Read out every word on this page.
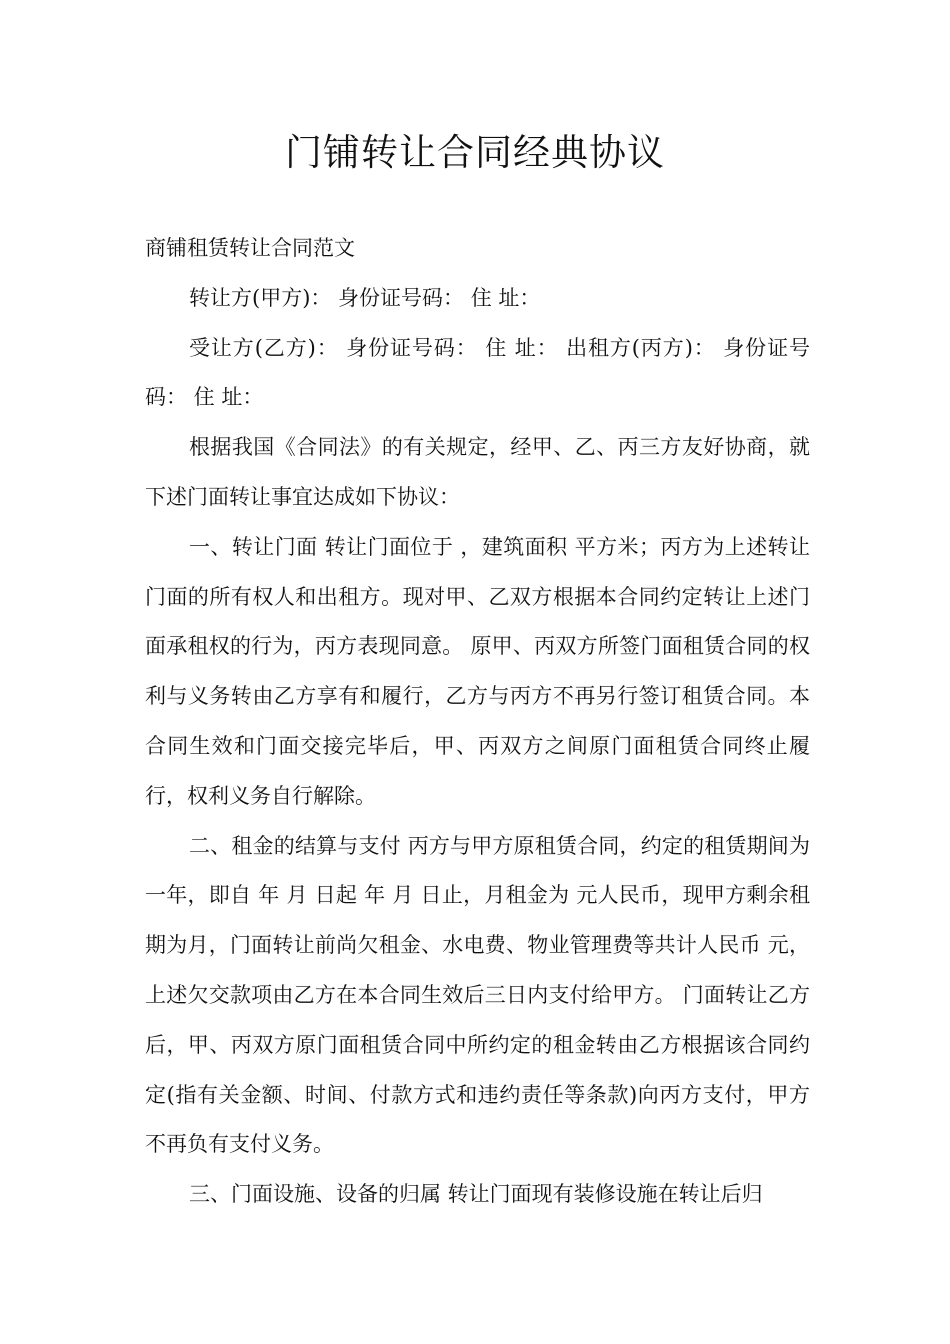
门铺转让合同经典协议

商铺租赁转让合同范文

转让方(甲方)： 身份证号码： 住 址：

受让方(乙方)： 身份证号码： 住 址： 出租方(丙方)： 身份证号码： 住 址：

根据我国《合同法》的有关规定，经甲、乙、丙三方友好协商，就下述门面转让事宜达成如下协议：

一、转让门面 转让门面位于 ，建筑面积 平方米；丙方为上述转让门面的所有权人和出租方。现对甲、乙双方根据本合同约定转让上述门面承租权的行为，丙方表现同意。 原甲、丙双方所签门面租赁合同的权利与义务转由乙方享有和履行，乙方与丙方不再另行签订租赁合同。本合同生效和门面交接完毕后，甲、丙双方之间原门面租赁合同终止履行，权利义务自行解除。

二、租金的结算与支付 丙方与甲方原租赁合同，约定的租赁期间为一年，即自 年 月 日起 年 月 日止，月租金为 元人民币，现甲方剩余租期为月，门面转让前尚欠租金、水电费、物业管理费等共计人民币 元，上述欠交款项由乙方在本合同生效后三日内支付给甲方。 门面转让乙方后，甲、丙双方原门面租赁合同中所约定的租金转由乙方根据该合同约定(指有关金额、时间、付款方式和违约责任等条款)向丙方支付，甲方不再负有支付义务。

三、门面设施、设备的归属 转让门面现有装修设施在转让后归
